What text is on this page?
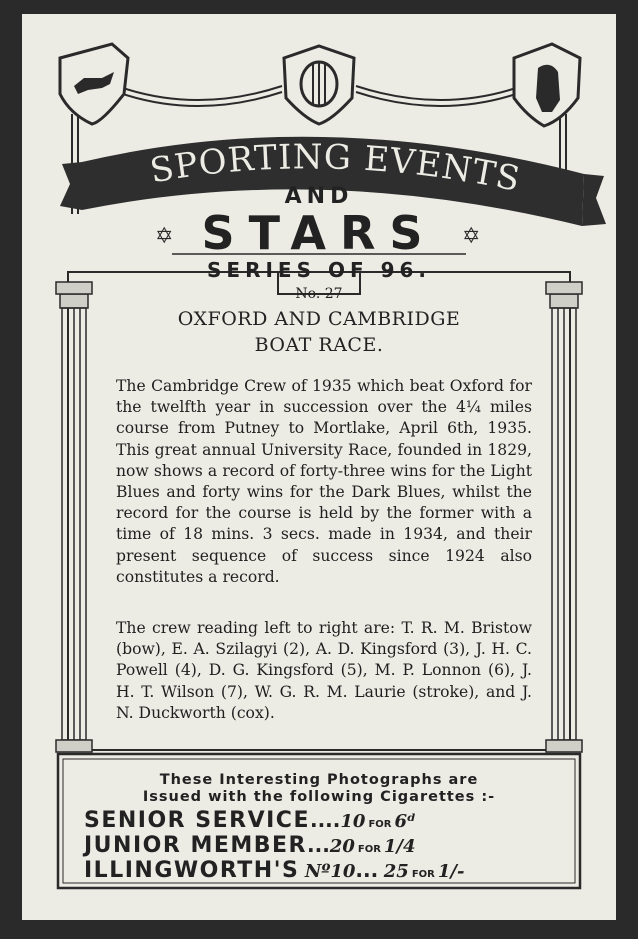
✡	✡
SPORTING EVENTS
AND
STARS
SERIES OF 96.
No. 27
OXFORD AND CAMBRIDGE
BOAT RACE.

The Cambridge Crew of 1935 which beat Oxford for the twelfth year in succession over the 4¼ miles course from Putney to Mortlake, April 6th, 1935. This great annual University Race, founded in 1829, now shows a record of forty-three wins for the Light Blues and forty wins for the Dark Blues, whilst the record for the course is held by the former with a time of 18 mins. 3 secs. made in 1934, and their present sequence of success since 1924 also constitutes a record.

The crew reading left to right are: T. R. M. Bristow (bow), E. A. Szilagyi (2), A. D. Kingsford (3), J. H. C. Powell (4), D. G. Kingsford (5), M. P. Lonnon (6), J. H. T. Wilson (7), W. G. R. M. Laurie (stroke), and J. N. Duckworth (cox).

These Interesting Photographs are
Issued with the following Cigarettes :-
SENIOR SERVICE....10 FOR 6ᵈ
JUNIOR MEMBER...20 FOR 1/4
ILLINGWORTH'S Nº10... 25 FOR 1/-
